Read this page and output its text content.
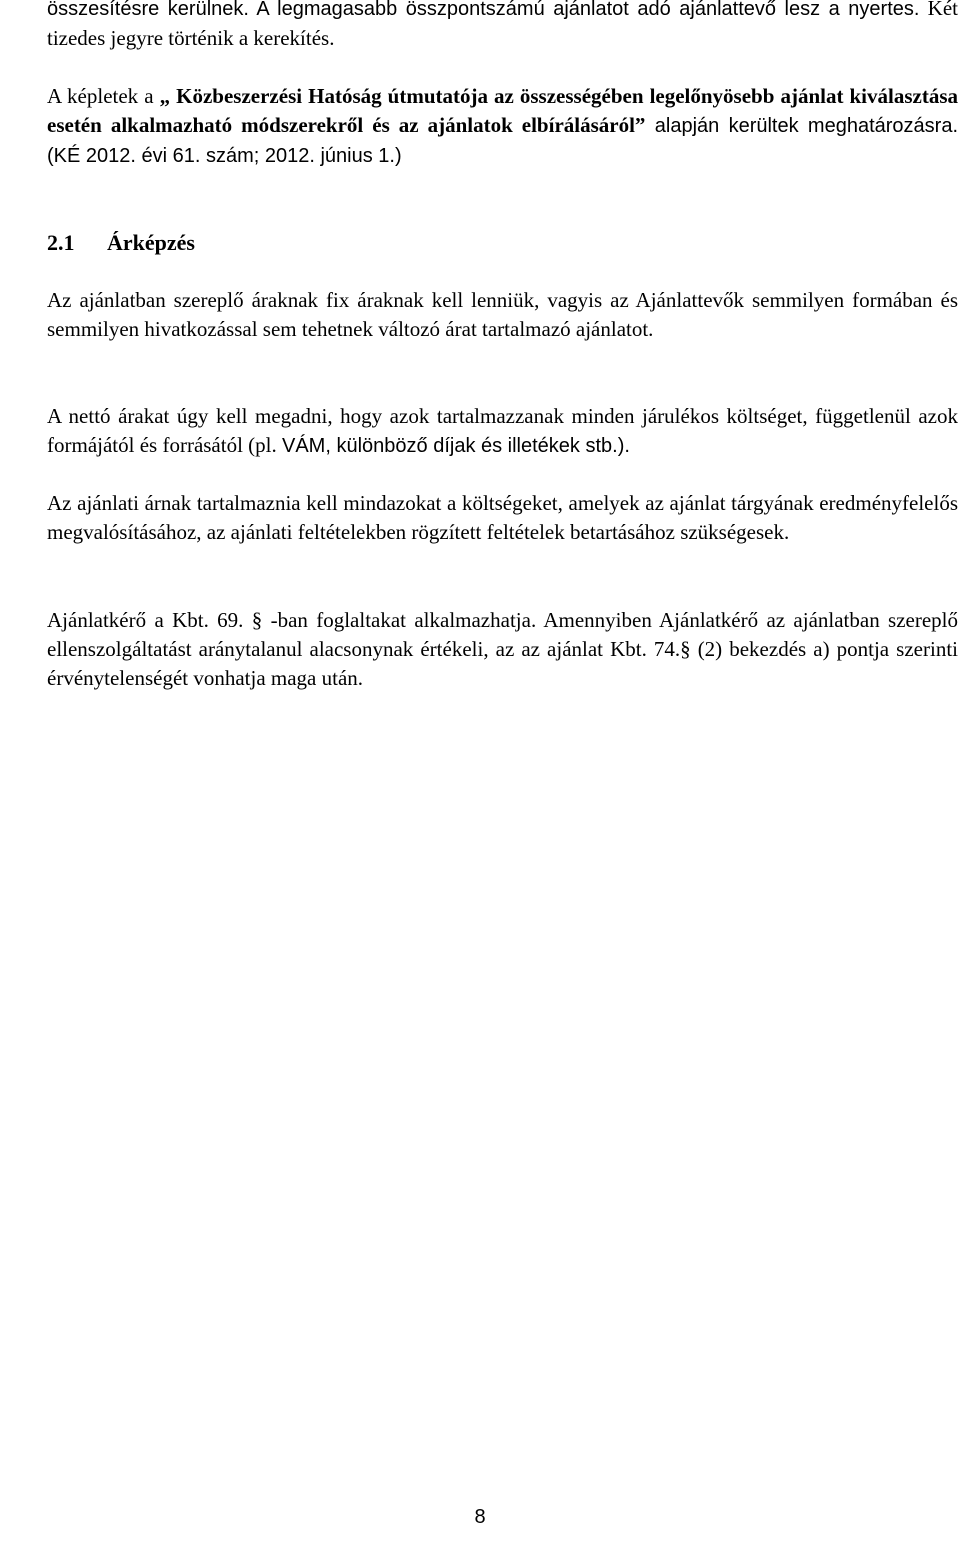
összesítésre kerülnek. A legmagasabb összpontszámú ajánlatot adó ajánlattevő lesz a nyertes. Két tizedes jegyre történik a kerekítés.

A képletek a „ Közbeszerzési Hatóság útmutatója az összességében legelőnyösebb ajánlat kiválasztása esetén alkalmazható módszerekről és az ajánlatok elbírálásáról” alapján kerültek meghatározásra. (KÉ 2012. évi 61. szám; 2012. június 1.)

2.1 Árképzés

Az ajánlatban szereplő áraknak fix áraknak kell lenniük, vagyis az Ajánlattevők semmilyen formában és semmilyen hivatkozással sem tehetnek változó árat tartalmazó ajánlatot.

A nettó árakat úgy kell megadni, hogy azok tartalmazzanak minden járulékos költséget, függetlenül azok formájától és forrásától (pl. VÁM, különböző díjak és illetékek stb.).

Az ajánlati árnak tartalmaznia kell mindazokat a költségeket, amelyek az ajánlat tárgyának eredményfelelős megvalósításához, az ajánlati feltételekben rögzített feltételek betartásához szükségesek.

Ajánlatkérő a Kbt. 69. § -ban foglaltakat alkalmazhatja. Amennyiben Ajánlatkérő az ajánlatban szereplő ellenszolgáltatást aránytalanul alacsonynak értékeli, az az ajánlat Kbt. 74.§ (2) bekezdés a) pontja szerinti érvénytelenségét vonhatja maga után.

8
